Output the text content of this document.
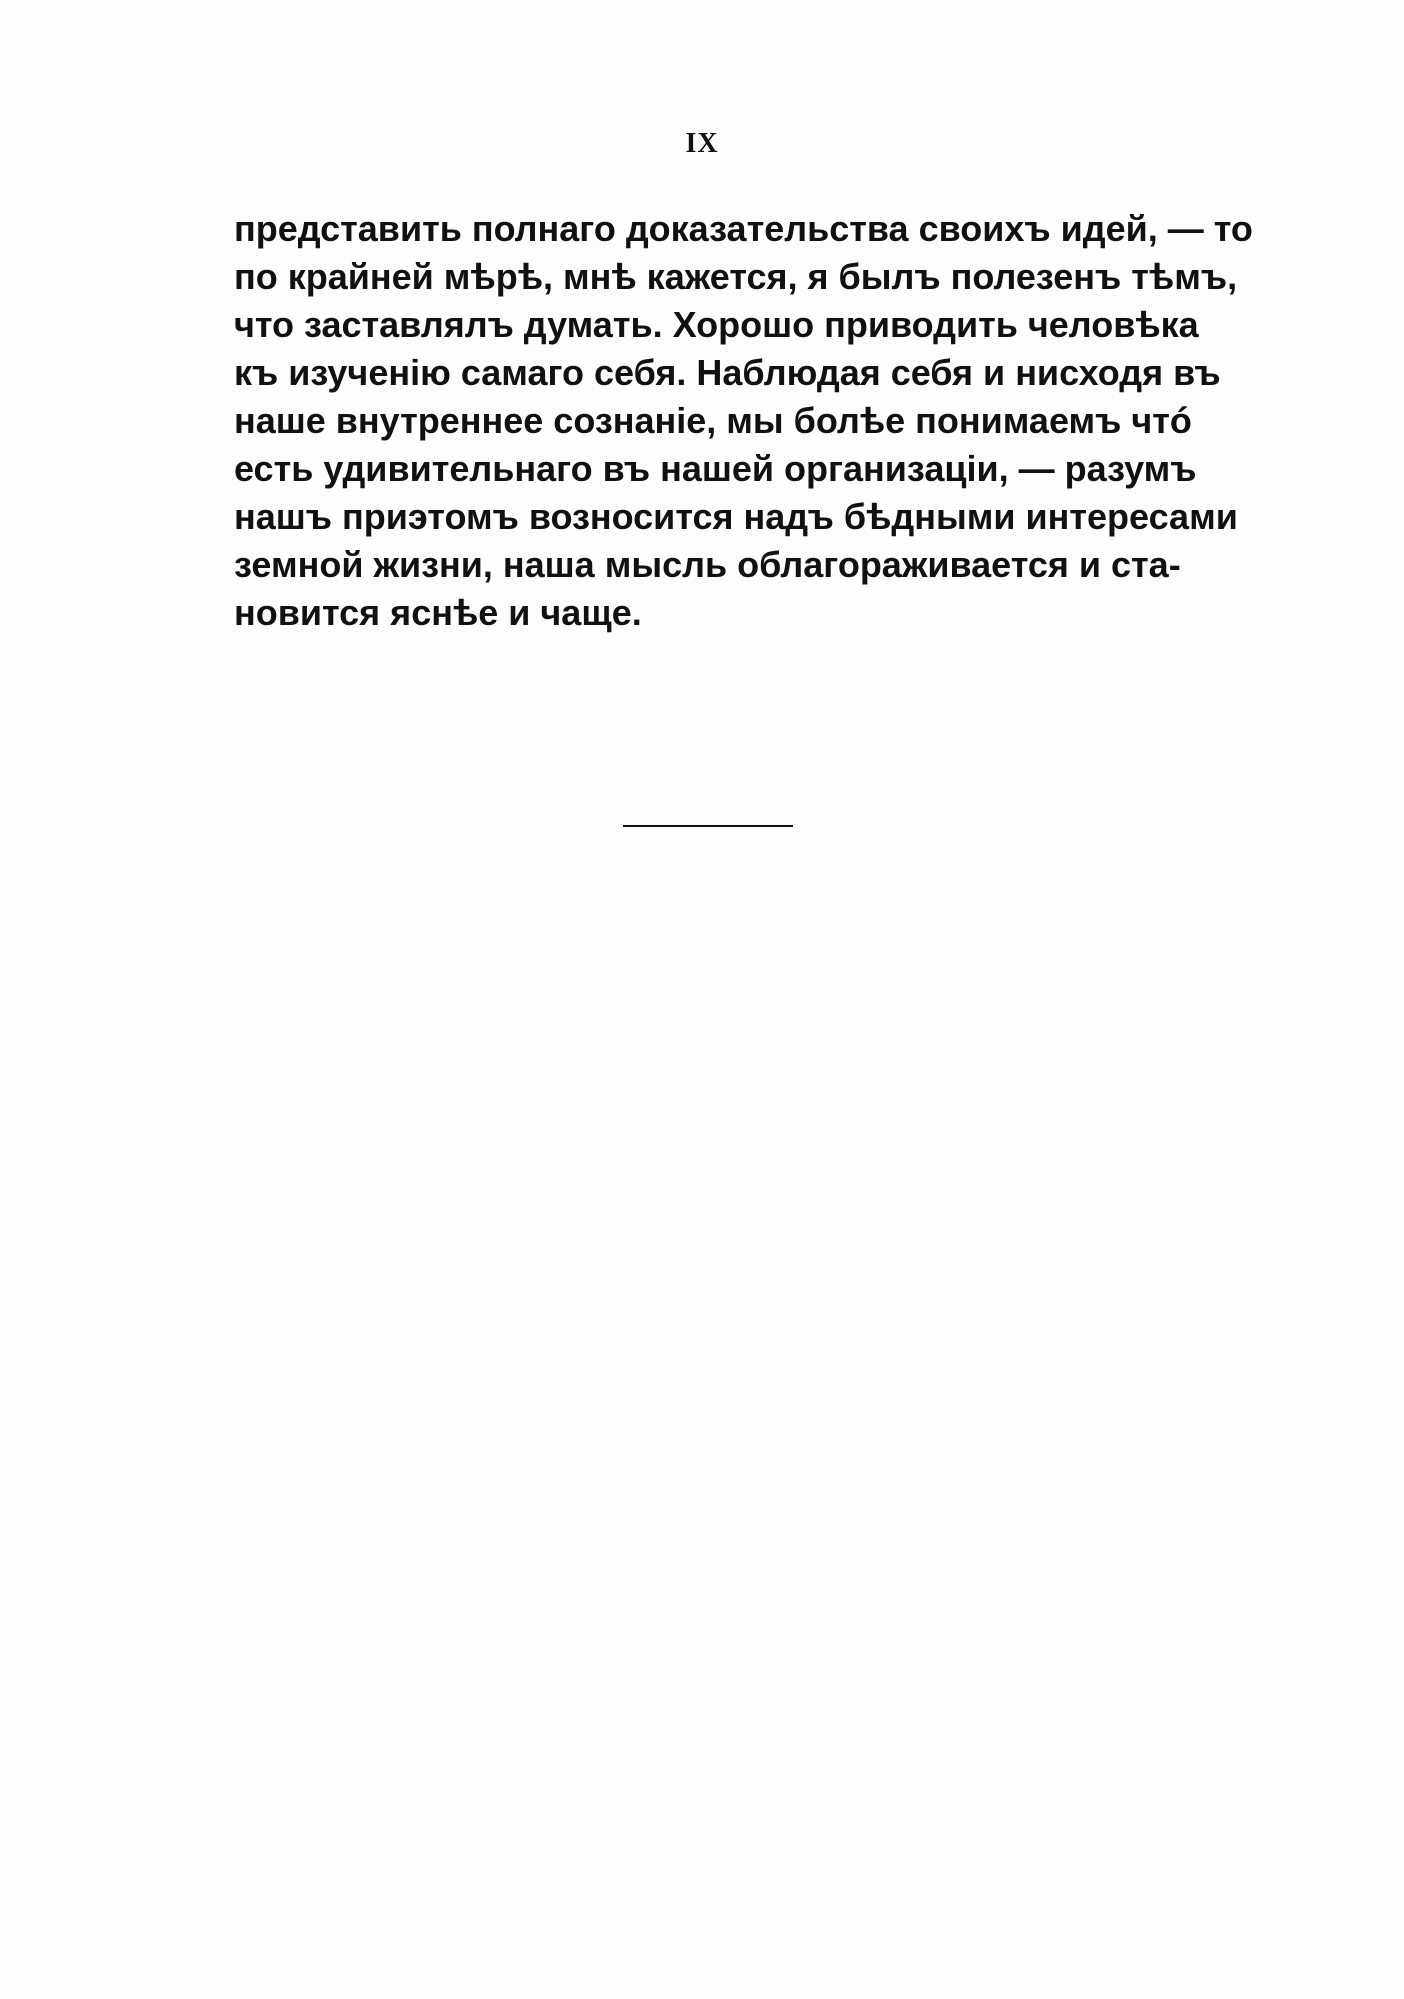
IX
представить полнаго доказательства своихъ идей, — то
по крайней мѣрѣ, мнѣ кажется, я былъ полезенъ тѣмъ,
что заставлялъ думать. Хорошо приводить человѣка
къ изученію самаго себя. Наблюдая себя и нисходя въ
наше внутреннее сознаніе, мы болѣе понимаемъ чтó
есть удивительнаго въ нашей организаціи, — разумъ
нашъ приэтомъ возносится надъ бѣдными интересами
земной жизни, наша мысль облагораживается и ста-
новится яснѣе и чаще.
